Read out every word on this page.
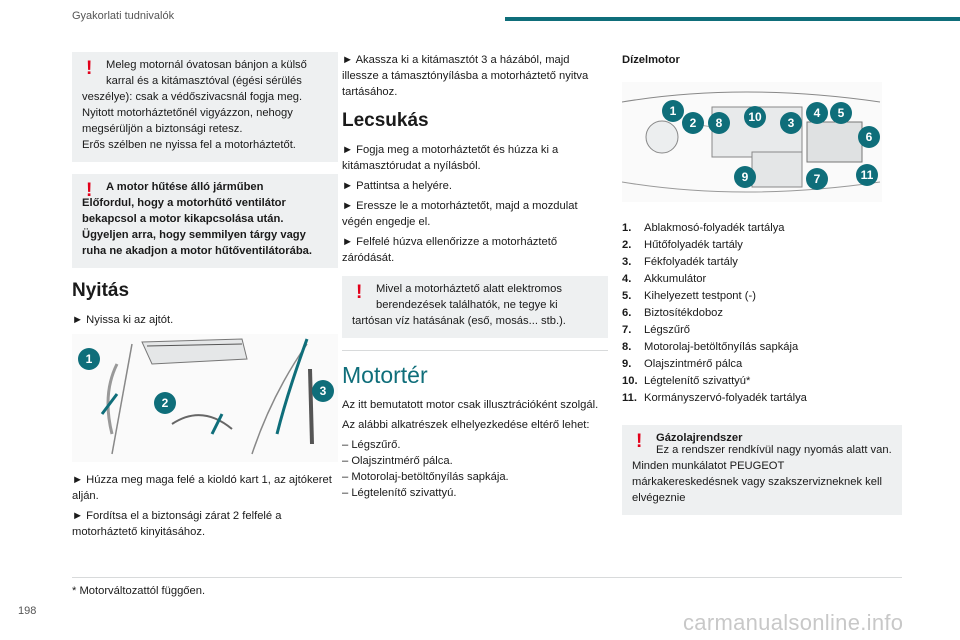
Gyakorlati tudnivalók
!	Meleg motornál óvatosan bánjon a külső karral és a kitámasztóval (égési sérülés

veszélye): csak a védőszivacsnál fogja meg. Nyitott motorháztetőnél vigyázzon, nehogy megsérüljön a biztonsági retesz.

Erős szélben ne nyissa fel a motorháztetőt.

!	A motor hűtése álló járműben

Előfordul, hogy a motorhűtő ventilátor bekapcsol a motor kikapcsolása után.

Ügyeljen arra, hogy semmilyen tárgy vagy ruha ne akadjon a motor hűtőventilátorába.

Nyitás

► Nyissa ki az ajtót.

1
2
3

► Húzza meg maga felé a kioldó kart 1, az ajtókeret alján.

► Fordítsa el a biztonsági zárat 2 felfelé a motorháztető kinyitásához.

► Akassza ki a kitámasztót 3 a házából, majd illessze a támasztónyílásba a motorháztető nyitva tartásához.

Lecsukás

► Fogja meg a motorháztetőt és húzza ki a kitámasztórudat a nyílásból.

► Pattintsa a helyére.

► Eressze le a motorháztetőt, majd a mozdulat végén engedje el.

► Felfelé húzva ellenőrizze a motorháztető záródását.

!	Mivel a motorháztető alatt elektromos berendezések találhatók, ne tegye ki

tartósan víz hatásának (eső, mosás... stb.).

Motortér

Az itt bemutatott motor csak illusztrációként szolgál.

Az alábbi alkatrészek elhelyezkedése eltérő lehet:

– Légszűrő.

– Olajszintmérő pálca.

– Motorolaj-betöltőnyílás sapkája.

– Légtelenítő szivattyú.

Dízelmotor

1
2	8	10	3
4	5
6
11
7
9
1.	Ablakmosó-folyadék tartálya
2.	Hűtőfolyadék tartály
3.	Fékfolyadék tartály
4.	Akkumulátor
5.	Kihelyezett testpont (-)
6.	Biztosítékdoboz
7.	Légszűrő
8.	Motorolaj-betöltőnyílás sapkája
9.	Olajszintmérő pálca
10. Légtelenítő szivattyú*
11. Kormányszervó-folyadék tartálya
!	Gázolajrendszer

Ez a rendszer rendkívül nagy nyomás alatt van.

Minden munkálatot PEUGEOT márkakereskedésnek vagy szakszervizneknek kell elvégeznie

* Motorváltozattól függően.
198	carmanualsonline.info
